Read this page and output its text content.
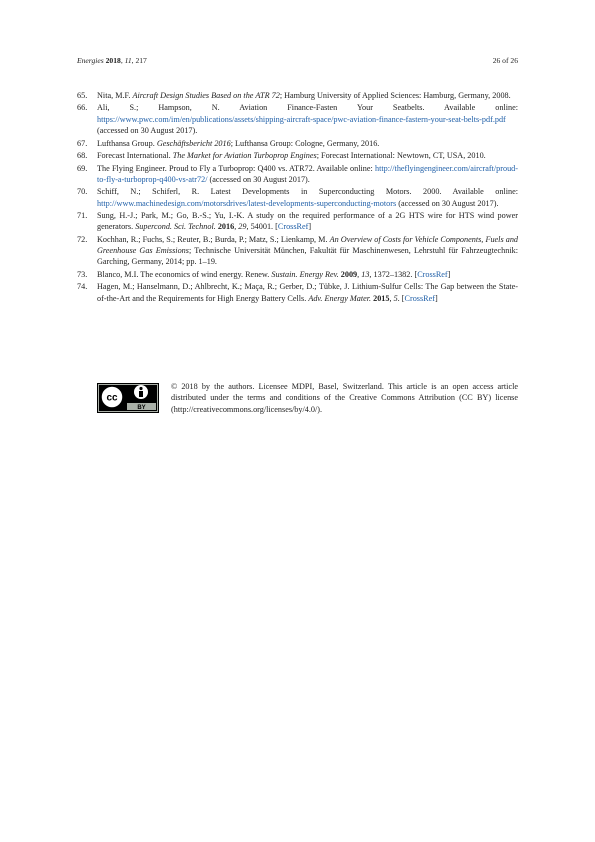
Energies 2018, 11, 217	26 of 26
65.	Nita, M.F. Aircraft Design Studies Based on the ATR 72; Hamburg University of Applied Sciences: Hamburg, Germany, 2008.
66.	Ali, S.; Hampson, N. Aviation Finance-Fasten Your Seatbelts. Available online: https://www.pwc.com/im/en/publications/assets/shipping-aircraft-space/pwc-aviation-finance-fastern-your-seat-belts-pdf.pdf (accessed on 30 August 2017).
67.	Lufthansa Group. Geschäftsbericht 2016; Lufthansa Group: Cologne, Germany, 2016.
68.	Forecast International. The Market for Aviation Turboprop Engines; Forecast International: Newtown, CT, USA, 2010.
69.	The Flying Engineer. Proud to Fly a Turboprop: Q400 vs. ATR72. Available online: http://theflyingengineer.com/aircraft/proud-to-fly-a-turboprop-q400-vs-atr72/ (accessed on 30 August 2017).
70.	Schiff, N.; Schiferl, R. Latest Developments in Superconducting Motors. 2000. Available online: http://www.machinedesign.com/motorsdrives/latest-developments-superconducting-motors (accessed on 30 August 2017).
71.	Sung, H.-J.; Park, M.; Go, B.-S.; Yu, I.-K. A study on the required performance of a 2G HTS wire for HTS wind power generators. Supercond. Sci. Technol. 2016, 29, 54001. [CrossRef]
72.	Kochhan, R.; Fuchs, S.; Reuter, B.; Burda, P.; Matz, S.; Lienkamp, M. An Overview of Costs for Vehicle Components, Fuels and Greenhouse Gas Emissions; Technische Universität München, Fakultät für Maschinenwesen, Lehrstuhl für Fahrzeugtechnik: Garching, Germany, 2014; pp. 1–19.
73.	Blanco, M.I. The economics of wind energy. Renew. Sustain. Energy Rev. 2009, 13, 1372–1382. [CrossRef]
74.	Hagen, M.; Hanselmann, D.; Ahlbrecht, K.; Maça, R.; Gerber, D.; Tübke, J. Lithium-Sulfur Cells: The Gap between the State-of-the-Art and the Requirements for High Energy Battery Cells. Adv. Energy Mater. 2015, 5. [CrossRef]
cc
BY
© 2018 by the authors. Licensee MDPI, Basel, Switzerland. This article is an open access article distributed under the terms and conditions of the Creative Commons Attribution (CC BY) license (http://creativecommons.org/licenses/by/4.0/).
